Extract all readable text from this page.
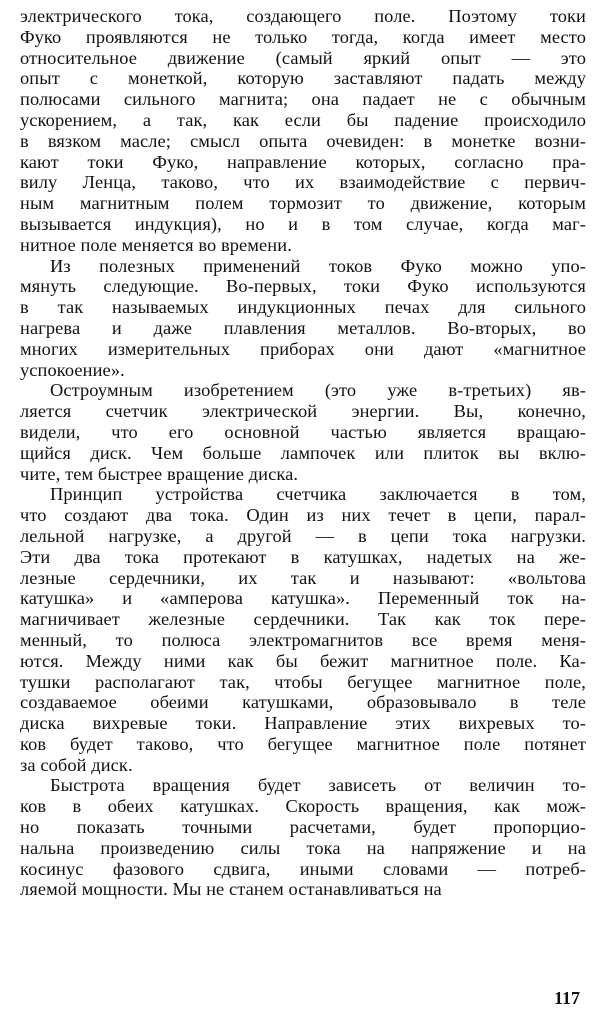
электрического тока, создающего поле. Поэтому токи
Фуко проявляются не только тогда, когда имеет место
относительное движение (самый яркий опыт — это
опыт с монеткой, которую заставляют падать между
полюсами сильного магнита; она падает не с обычным
ускорением, а так, как если бы падение происходило
в вязком масле; смысл опыта очевиден: в монетке возни-
кают токи Фуко, направление которых, согласно пра-
вилу Ленца, таково, что их взаимодействие с первич-
ным магнитным полем тормозит то движение, которым
вызывается индукция), но и в том случае, когда маг-
нитное поле меняется во времени.
Из полезных применений токов Фуко можно упо-
мянуть следующие. Во-первых, токи Фуко используются
в так называемых индукционных печах для сильного
нагрева и даже плавления металлов. Во-вторых, во
многих измерительных приборах они дают «магнитное
успокоение».
Остроумным изобретением (это уже в-третьих) яв-
ляется счетчик электрической энергии. Вы, конечно,
видели, что его основной частью является вращаю-
щийся диск. Чем больше лампочек или плиток вы вклю-
чите, тем быстрее вращение диска.
Принцип устройства счетчика заключается в том,
что создают два тока. Один из них течет в цепи, парал-
лельной нагрузке, а другой — в цепи тока нагрузки.
Эти два тока протекают в катушках, надетых на же-
лезные сердечники, их так и называют: «вольтова
катушка» и «амперова катушка». Переменный ток на-
магничивает железные сердечники. Так как ток пере-
менный, то полюса электромагнитов все время меня-
ются. Между ними как бы бежит магнитное поле. Ка-
тушки располагают так, чтобы бегущее магнитное поле,
создаваемое обеими катушками, образовывало в теле
диска вихревые токи. Направление этих вихревых то-
ков будет таково, что бегущее магнитное поле потянет
за собой диск.
Быстрота вращения будет зависеть от величин то-
ков в обеих катушках. Скорость вращения, как мож-
но показать точными расчетами, будет пропорцио-
нальна произведению силы тока на напряжение и на
косинус фазового сдвига, иными словами — потреб-
ляемой мощности. Мы не станем останавливаться на
117
